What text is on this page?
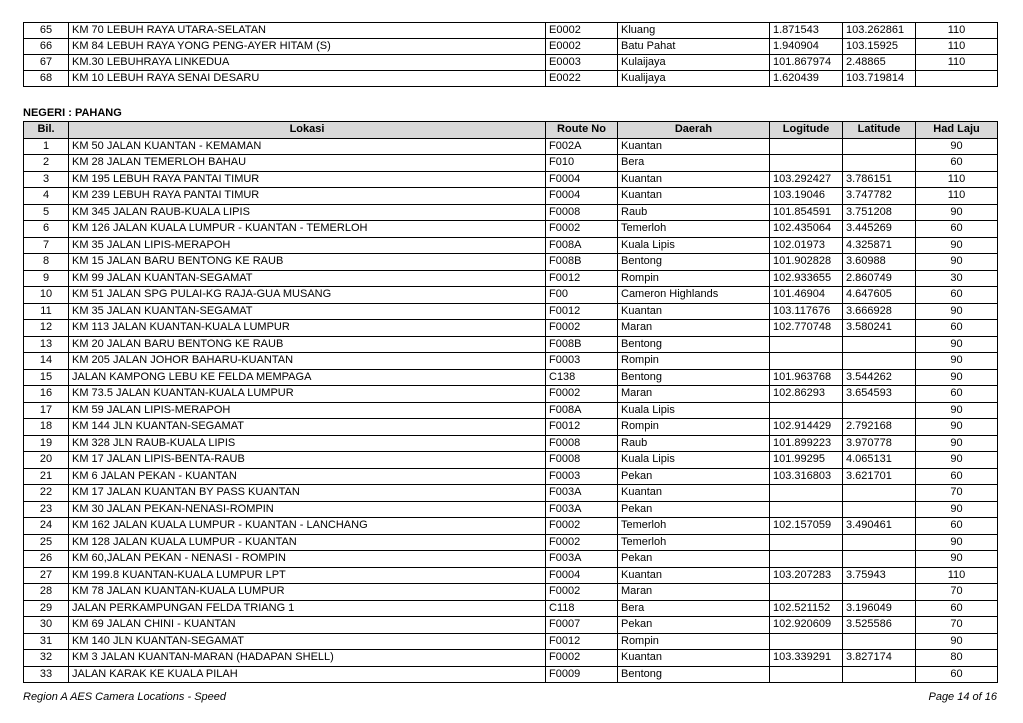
65	KM 70 LEBUH RAYA UTARA-SELATAN	E0002	Kluang	1.871543	103.262861	110
66	KM 84 LEBUH RAYA YONG PENG-AYER HITAM (S)	E0002	Batu Pahat	1.940904	103.15925	110
67	KM.30 LEBUHRAYA LINKEDUA	E0003	Kulaijaya	101.867974	2.48865	110
68	KM 10 LEBUH RAYA SENAI DESARU	E0022	Kualijaya	1.620439	103.719814	
NEGERI : PAHANG
Bil.	Lokasi	Route No	Daerah	Logitude	Latitude	Had Laju
1	KM 50 JALAN KUANTAN - KEMAMAN	F002A	Kuantan			90
2	KM 28 JALAN TEMERLOH BAHAU	F010	Bera			60
3	KM 195 LEBUH RAYA PANTAI TIMUR	F0004	Kuantan	103.292427	3.786151	110
4	KM 239 LEBUH RAYA PANTAI TIMUR	F0004	Kuantan	103.19046	3.747782	110
5	KM 345 JALAN RAUB-KUALA LIPIS	F0008	Raub	101.854591	3.751208	90
6	KM 126 JALAN KUALA LUMPUR - KUANTAN - TEMERLOH	F0002	Temerloh	102.435064	3.445269	60
7	KM 35 JALAN LIPIS-MERAPOH	F008A	Kuala Lipis	102.01973	4.325871	90
8	KM 15 JALAN BARU BENTONG KE RAUB	F008B	Bentong	101.902828	3.60988	90
9	KM 99 JALAN KUANTAN-SEGAMAT	F0012	Rompin	102.933655	2.860749	30
10	KM 51 JALAN SPG PULAI-KG RAJA-GUA MUSANG	F00	Cameron Highlands	101.46904	4.647605	60
11	KM 35 JALAN KUANTAN-SEGAMAT	F0012	Kuantan	103.117676	3.666928	90
12	KM 113 JALAN KUANTAN-KUALA LUMPUR	F0002	Maran	102.770748	3.580241	60
13	KM 20 JALAN BARU BENTONG KE RAUB	F008B	Bentong			90
14	KM 205 JALAN JOHOR BAHARU-KUANTAN	F0003	Rompin			90
15	JALAN KAMPONG LEBU KE FELDA MEMPAGA	C138	Bentong	101.963768	3.544262	90
16	KM 73.5 JALAN KUANTAN-KUALA LUMPUR	F0002	Maran	102.86293	3.654593	60
17	KM 59 JALAN LIPIS-MERAPOH	F008A	Kuala Lipis			90
18	KM 144 JLN KUANTAN-SEGAMAT	F0012	Rompin	102.914429	2.792168	90
19	KM 328 JLN RAUB-KUALA LIPIS	F0008	Raub	101.899223	3.970778	90
20	KM 17 JALAN LIPIS-BENTA-RAUB	F0008	Kuala Lipis	101.99295	4.065131	90
21	KM 6 JALAN PEKAN - KUANTAN	F0003	Pekan	103.316803	3.621701	60
22	KM 17 JALAN KUANTAN BY PASS KUANTAN	F003A	Kuantan			70
23	KM 30 JALAN PEKAN-NENASI-ROMPIN	F003A	Pekan			90
24	KM 162 JALAN KUALA LUMPUR - KUANTAN - LANCHANG	F0002	Temerloh	102.157059	3.490461	60
25	KM 128 JALAN KUALA LUMPUR - KUANTAN	F0002	Temerloh			90
26	KM 60,JALAN PEKAN - NENASI - ROMPIN	F003A	Pekan			90
27	KM 199.8 KUANTAN-KUALA LUMPUR LPT	F0004	Kuantan	103.207283	3.75943	110
28	KM 78 JALAN KUANTAN-KUALA LUMPUR	F0002	Maran			70
29	JALAN PERKAMPUNGAN FELDA TRIANG 1	C118	Bera	102.521152	3.196049	60
30	KM 69 JALAN CHINI - KUANTAN	F0007	Pekan	102.920609	3.525586	70
31	KM 140 JLN KUANTAN-SEGAMAT	F0012	Rompin			90
32	KM 3 JALAN KUANTAN-MARAN (HADAPAN SHELL)	F0002	Kuantan	103.339291	3.827174	80
33	JALAN KARAK KE KUALA PILAH	F0009	Bentong			60
Region A AES Camera Locations - Speed	Page 14 of 16
